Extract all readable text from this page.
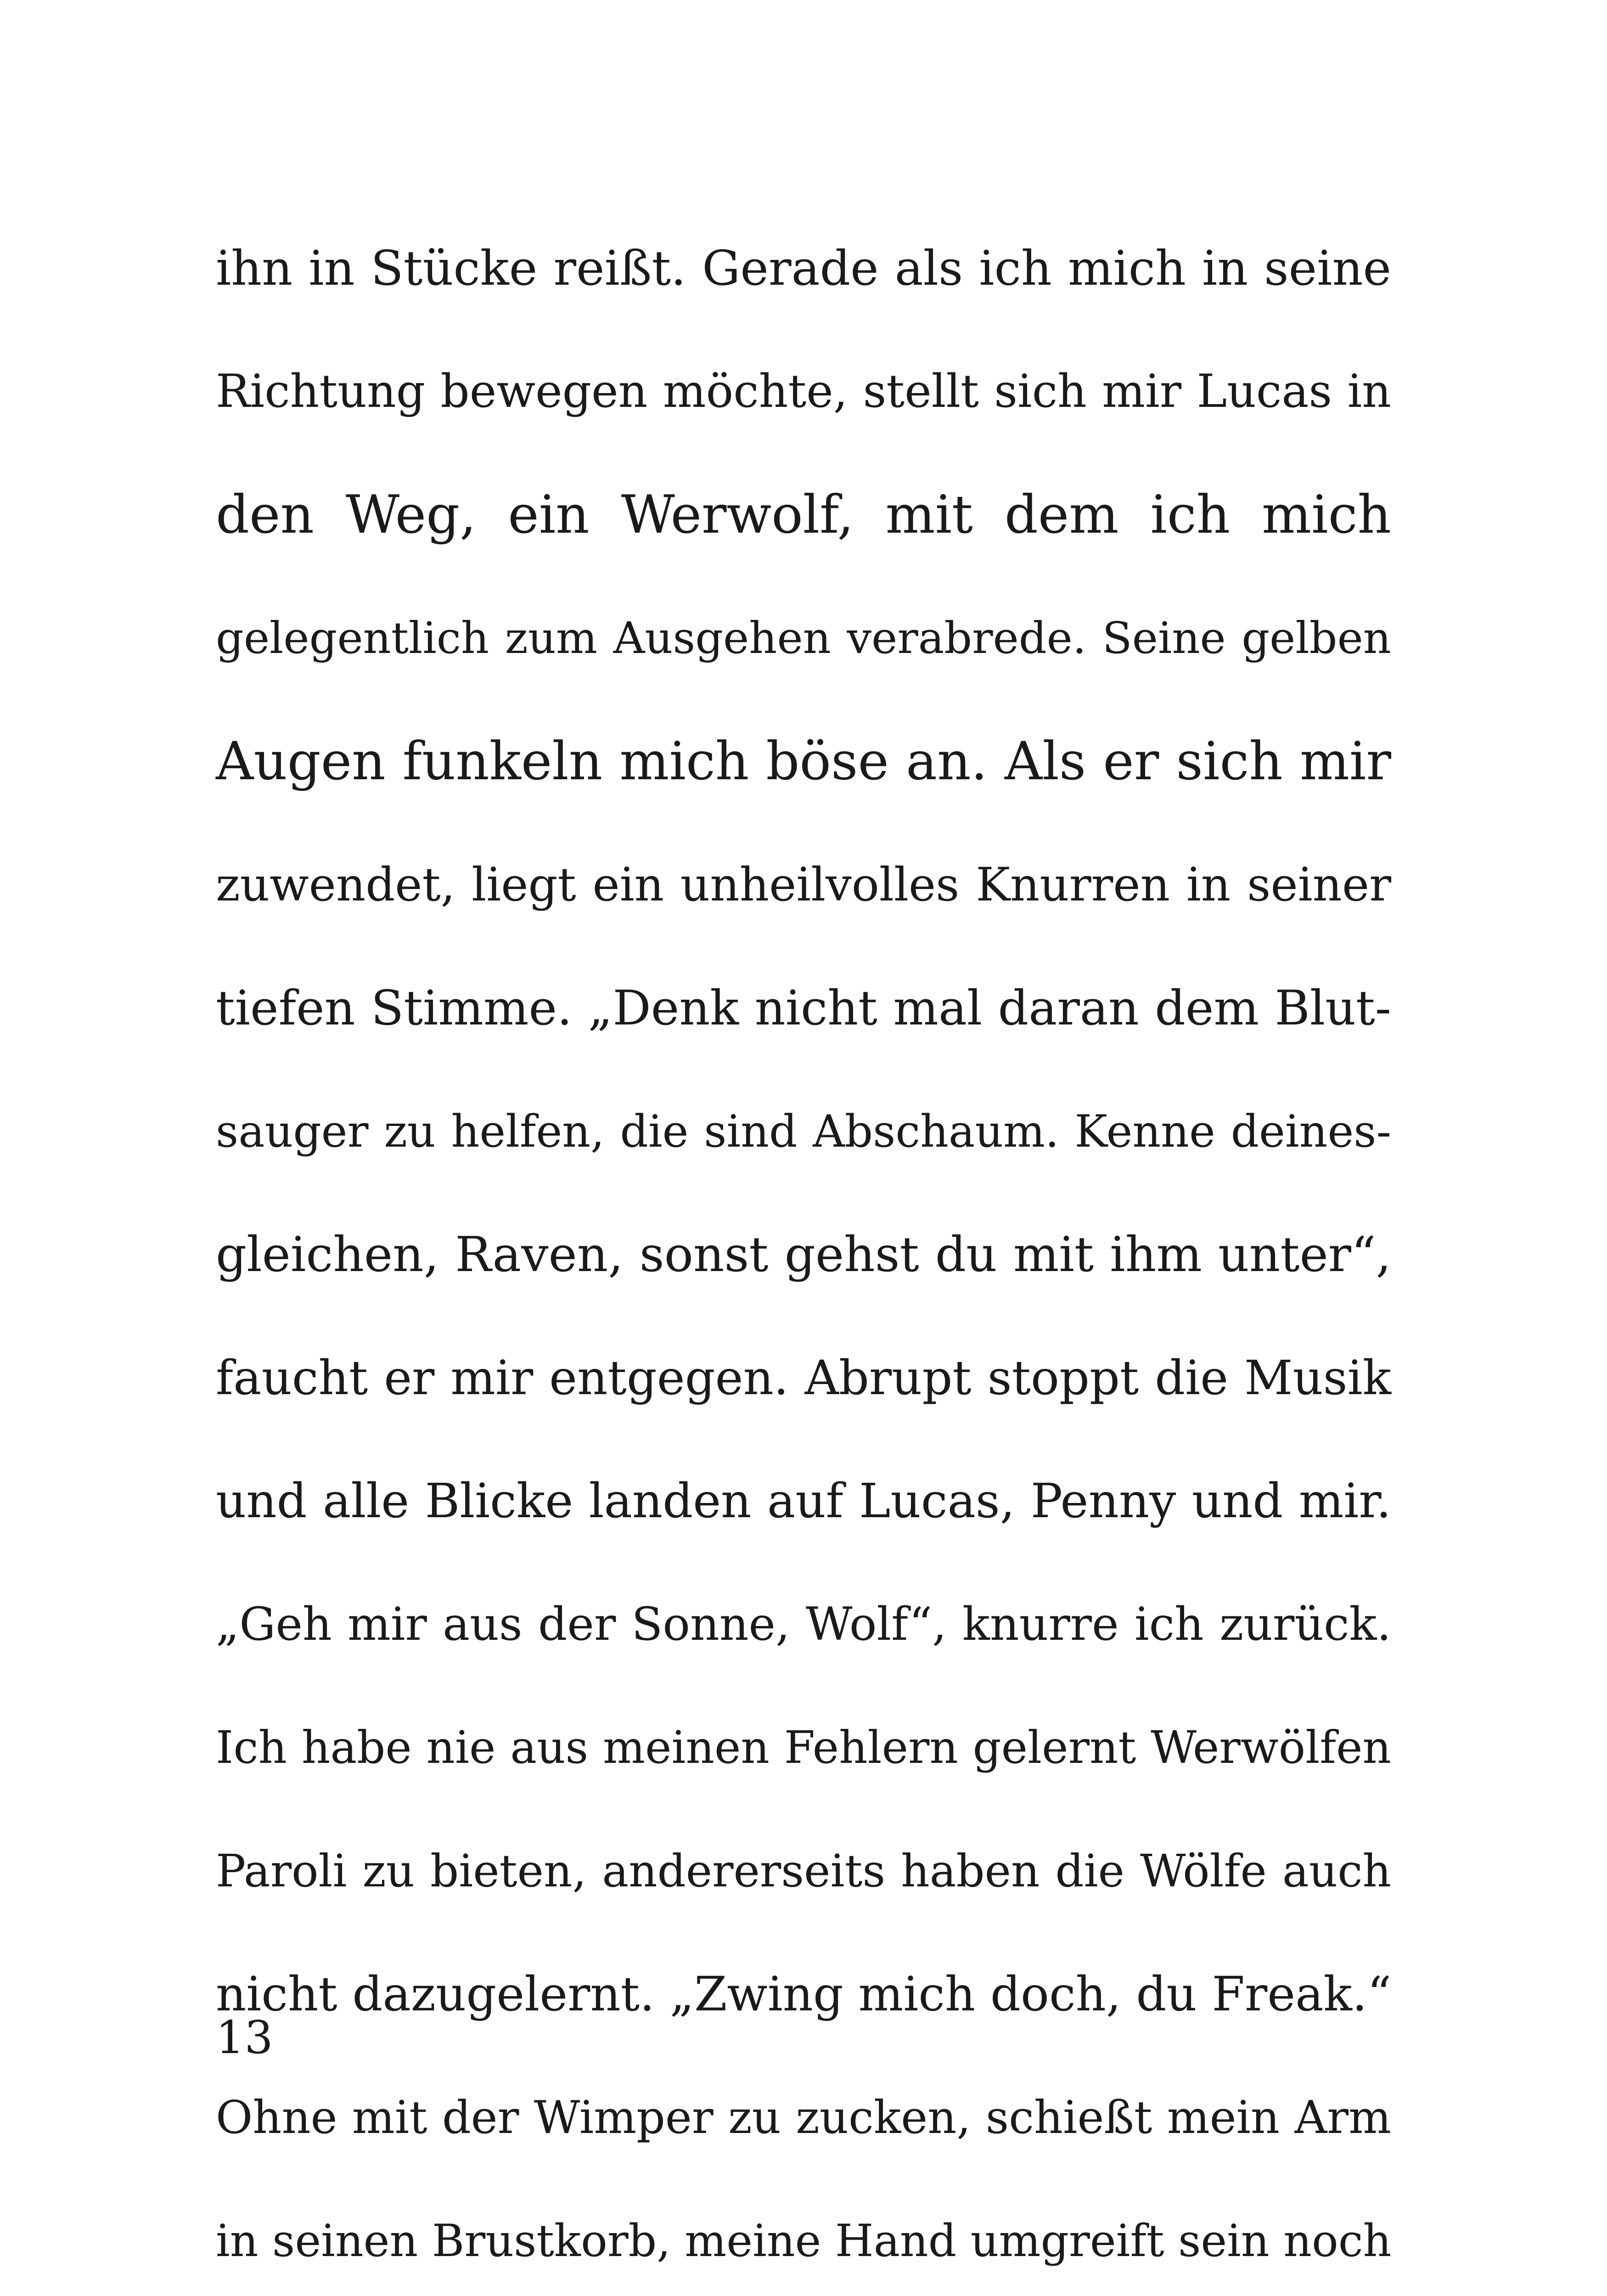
ihn in Stücke reißt. Gerade als ich mich in seine
Richtung bewegen möchte, stellt sich mir Lucas in
den Weg, ein Werwolf, mit dem ich mich
gelegentlich zum Ausgehen verabrede. Seine gelben
Augen funkeln mich böse an. Als er sich mir
zuwendet, liegt ein unheilvolles Knurren in seiner
tiefen Stimme. „Denk nicht mal daran dem Blut-
sauger zu helfen, die sind Abschaum. Kenne deines-
gleichen, Raven, sonst gehst du mit ihm unter“,
faucht er mir entgegen. Abrupt stoppt die Musik
und alle Blicke landen auf Lucas, Penny und mir.
„Geh mir aus der Sonne, Wolf“, knurre ich zurück.
Ich habe nie aus meinen Fehlern gelernt Werwölfen
Paroli zu bieten, andererseits haben die Wölfe auch
nicht dazugelernt. „Zwing mich doch, du Freak.“
Ohne mit der Wimper zu zucken, schießt mein Arm
in seinen Brustkorb, meine Hand umgreift sein noch
13
